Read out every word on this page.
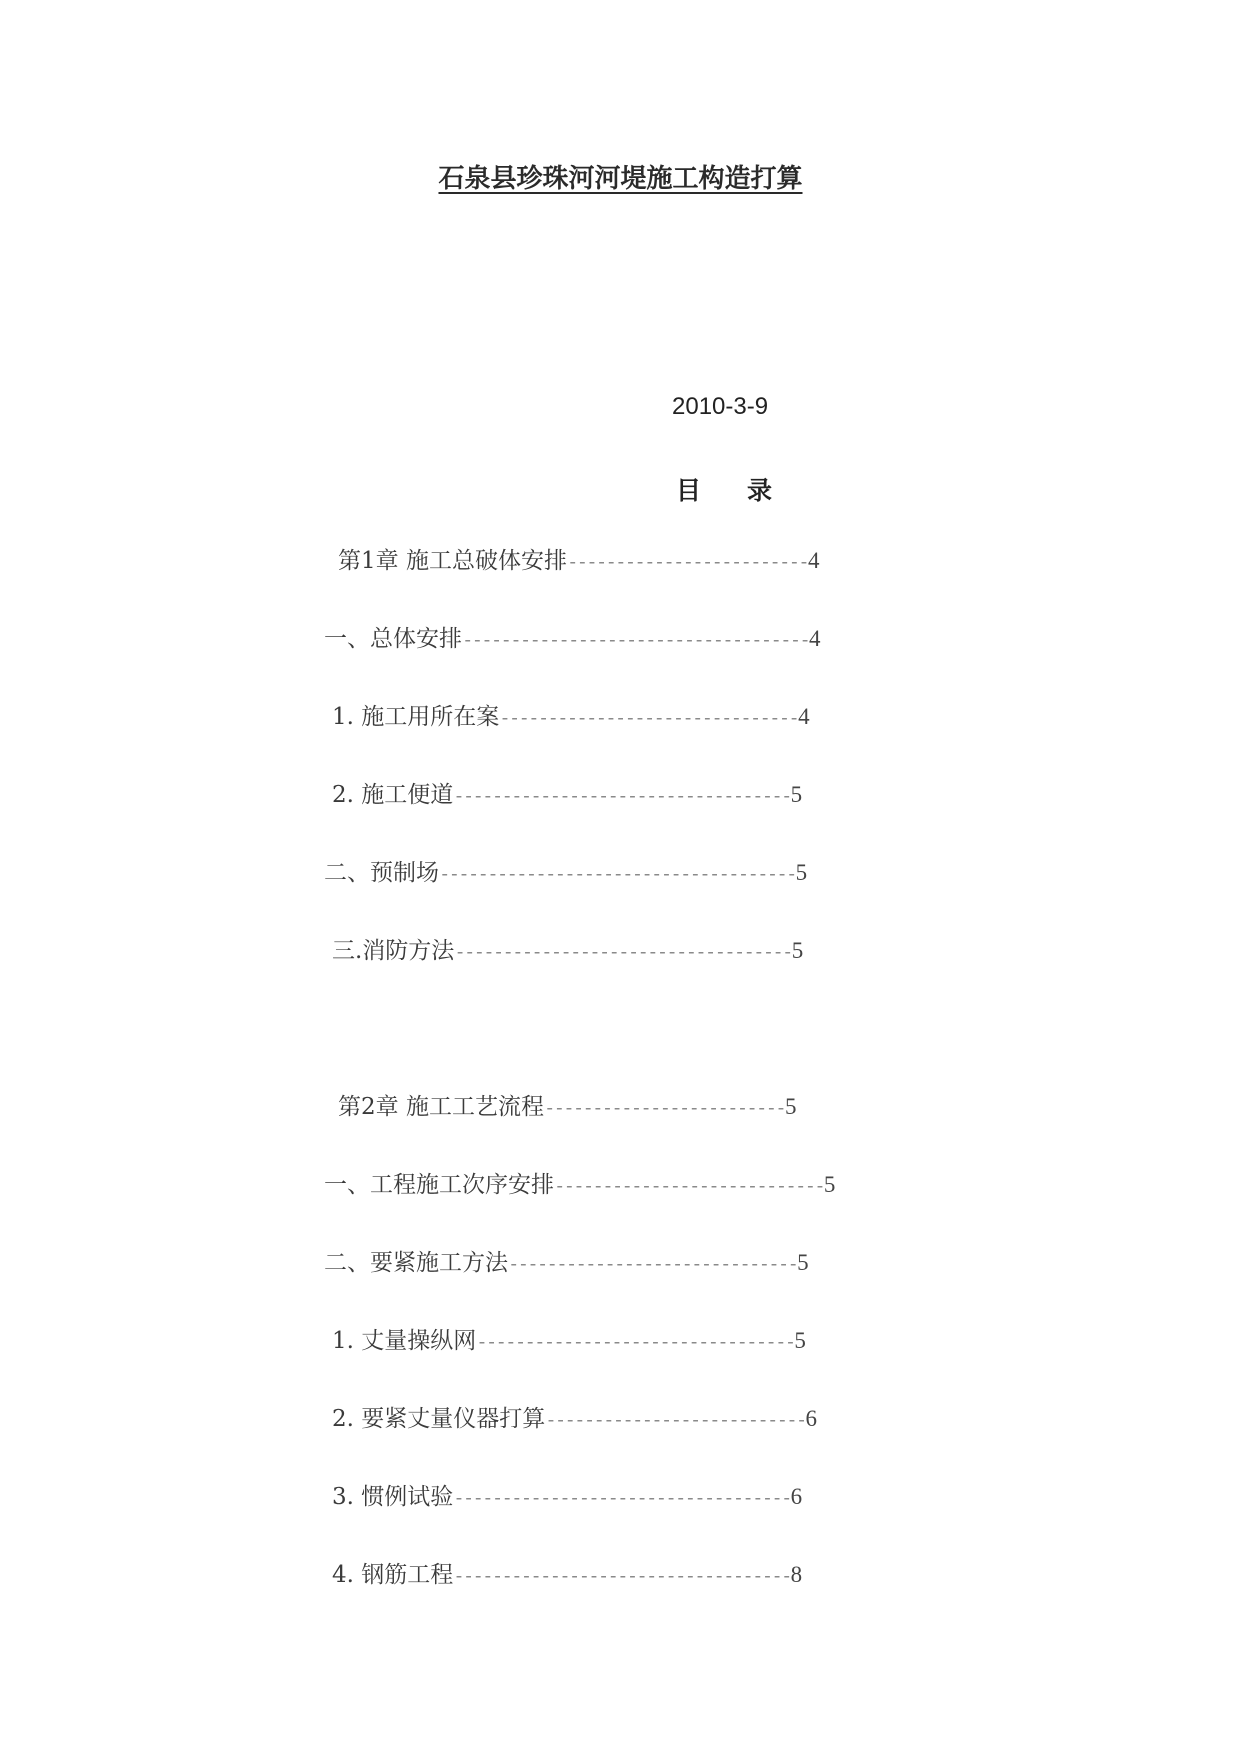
石泉县珍珠河河堤施工构造打算
2010-3-9
目录
第1章 施工总破体安排-------------------------4
一、总体安排------------------------------------4
1. 施工用所在案-------------------------------4
2. 施工便道-----------------------------------5
二、预制场-------------------------------------5
三.消防方法-----------------------------------5
第2章 施工工艺流程-------------------------5
一、工程施工次序安排----------------------------5
二、要紧施工方法------------------------------5
1. 丈量操纵网---------------------------------5
2. 要紧丈量仪器打算---------------------------6
3. 惯例试验-----------------------------------6
4. 钢筋工程-----------------------------------8
